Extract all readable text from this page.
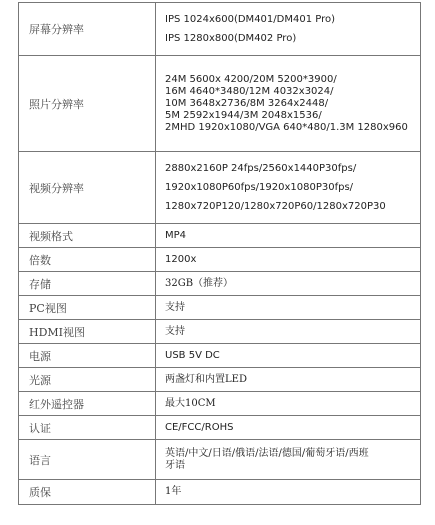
屏幕分辨率	IPS 1024x600(DM401/DM401 Pro)
IPS 1280x800(DM402 Pro)

照片分辨率	24M 5600x 4200/20M 5200*3900/
16M 4640*3480/12M 4032x3024/
10M 3648x2736/8M 3264x2448/
5M 2592x1944/3M 2048x1536/
2MHD 1920x1080/VGA 640*480/1.3M 1280x960

视频分辨率	2880x2160P 24fps/2560x1440P30fps/
1920x1080P60fps/1920x1080P30fps/
1280x720P120/1280x720P60/1280x720P30

视频格式	MP4
倍数	1200x
存储	32GB（推荐）
PC视图	支持
HDMI视图	支持
电源	USB 5V DC
光源	两盏灯和内置LED
红外遥控器	最大10CM
认证	CE/FCC/ROHS
语言	英语/中文/日语/俄语/法语/德国/葡萄牙语/西班
牙语

质保	1年
